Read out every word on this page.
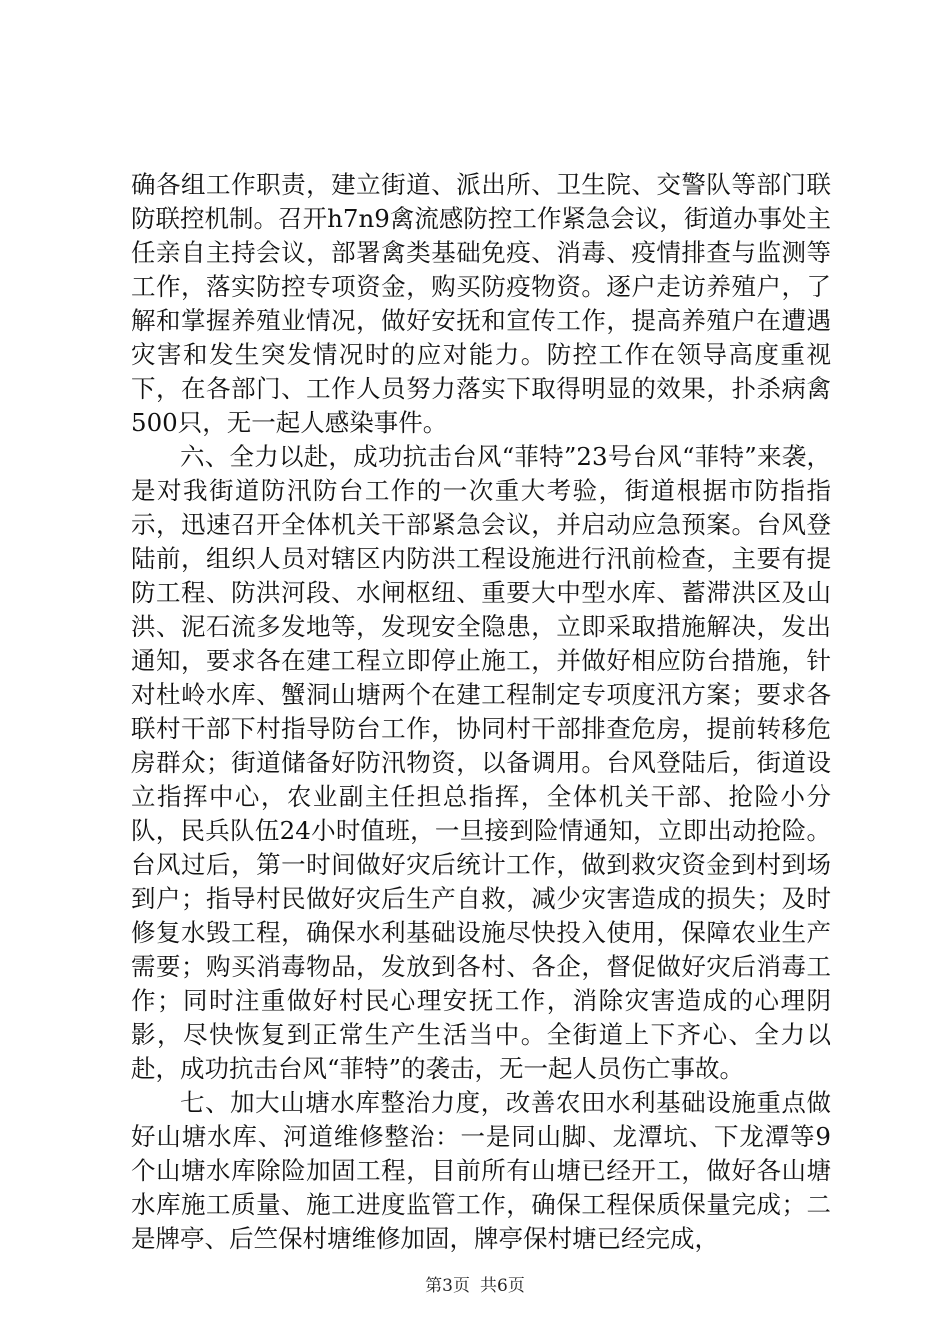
确各组工作职责，建立街道、派出所、卫生院、交警队等部门联防联控机制。召开h7n9禽流感防控工作紧急会议，街道办事处主任亲自主持会议，部署禽类基础免疫、消毒、疫情排查与监测等工作，落实防控专项资金，购买防疫物资。逐户走访养殖户，了解和掌握养殖业情况，做好安抚和宣传工作，提高养殖户在遭遇灾害和发生突发情况时的应对能力。防控工作在领导高度重视下，在各部门、工作人员努力落实下取得明显的效果，扑杀病禽500只，无一起人感染事件。

六、全力以赴，成功抗击台风“菲特”23号台风“菲特”来袭，是对我街道防汛防台工作的一次重大考验，街道根据市防指指示，迅速召开全体机关干部紧急会议，并启动应急预案。台风登陆前，组织人员对辖区内防洪工程设施进行汛前检查，主要有提防工程、防洪河段、水闸枢纽、重要大中型水库、蓄滞洪区及山洪、泥石流多发地等，发现安全隐患，立即采取措施解决，发出通知，要求各在建工程立即停止施工，并做好相应防台措施，针对杜岭水库、蟹洞山塘两个在建工程制定专项度汛方案；要求各联村干部下村指导防台工作，协同村干部排查危房，提前转移危房群众；街道储备好防汛物资，以备调用。台风登陆后，街道设立指挥中心，农业副主任担总指挥，全体机关干部、抢险小分队，民兵队伍24小时值班，一旦接到险情通知，立即出动抢险。台风过后，第一时间做好灾后统计工作，做到救灾资金到村到场到户；指导村民做好灾后生产自救，减少灾害造成的损失；及时修复水毁工程，确保水利基础设施尽快投入使用，保障农业生产需要；购买消毒物品，发放到各村、各企，督促做好灾后消毒工作；同时注重做好村民心理安抚工作，消除灾害造成的心理阴影，尽快恢复到正常生产生活当中。全街道上下齐心、全力以赴，成功抗击台风“菲特”的袭击，无一起人员伤亡事故。

七、加大山塘水库整治力度，改善农田水利基础设施重点做好山塘水库、河道维修整治：一是同山脚、龙潭坑、下龙潭等9个山塘水库除险加固工程，目前所有山塘已经开工，做好各山塘水库施工质量、施工进度监管工作，确保工程保质保量完成；二是牌亭、后竺保村塘维修加固，牌亭保村塘已经完成，

第3页 共6页
